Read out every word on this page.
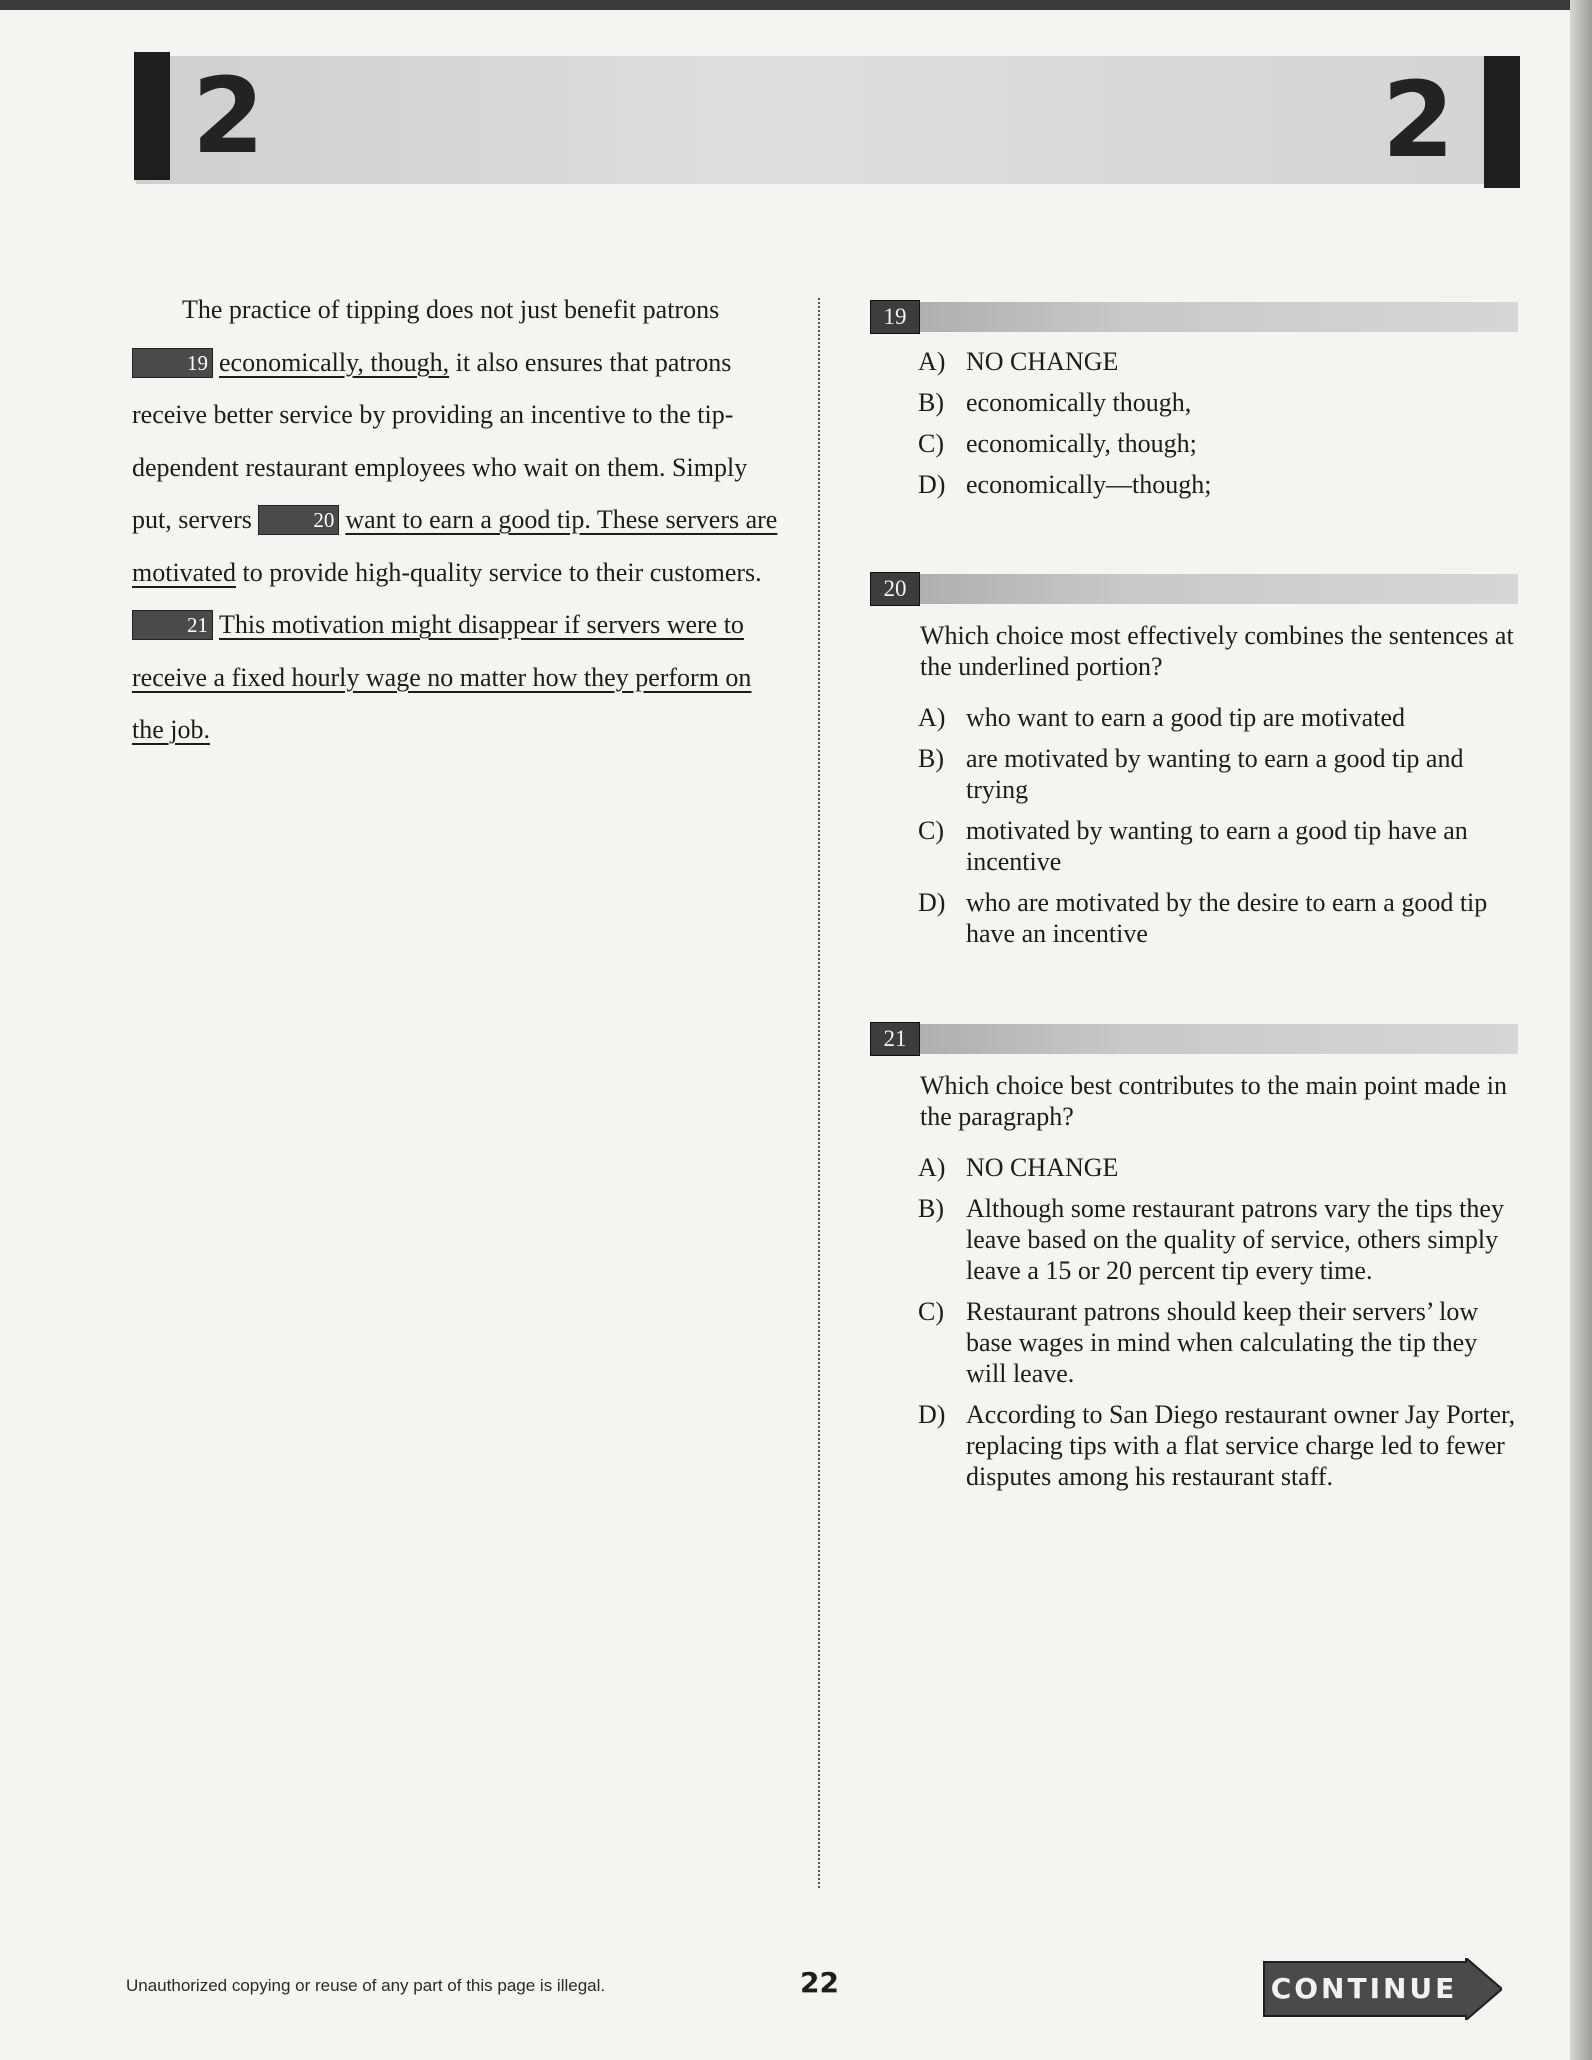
2	2

The practice of tipping does not just benefit patrons 19 economically, though, it also ensures that patrons receive better service by providing an incentive to the tip-dependent restaurant employees who wait on them. Simply put, servers	20 want to earn a good tip. These servers are motivated to provide high-quality service to their customers. 21 This motivation might disappear if servers were to receive a fixed hourly wage no matter how they perform on the job.

19
A) NO CHANGE
B) economically though,
C) economically, though;
D) economically—though;
20

Which choice most effectively combines the sentences at the underlined portion?

A) who want to earn a good tip are motivated
B) are motivated by wanting to earn a good tip and trying
C) motivated by wanting to earn a good tip have an incentive
D) who are motivated by the desire to earn a good tip have an incentive
21

Which choice best contributes to the main point made in the paragraph?

A) NO CHANGE
B) Although some restaurant patrons vary the tips they leave based on the quality of service, others simply leave a 15 or 20 percent tip every time.
C) Restaurant patrons should keep their servers’ low base wages in mind when calculating the tip they will leave.
D) According to San Diego restaurant owner Jay Porter, replacing tips with a flat service charge led to fewer disputes among his restaurant staff.
Unauthorized copying or reuse of any part of this page is illegal.	22	CONTINUE
